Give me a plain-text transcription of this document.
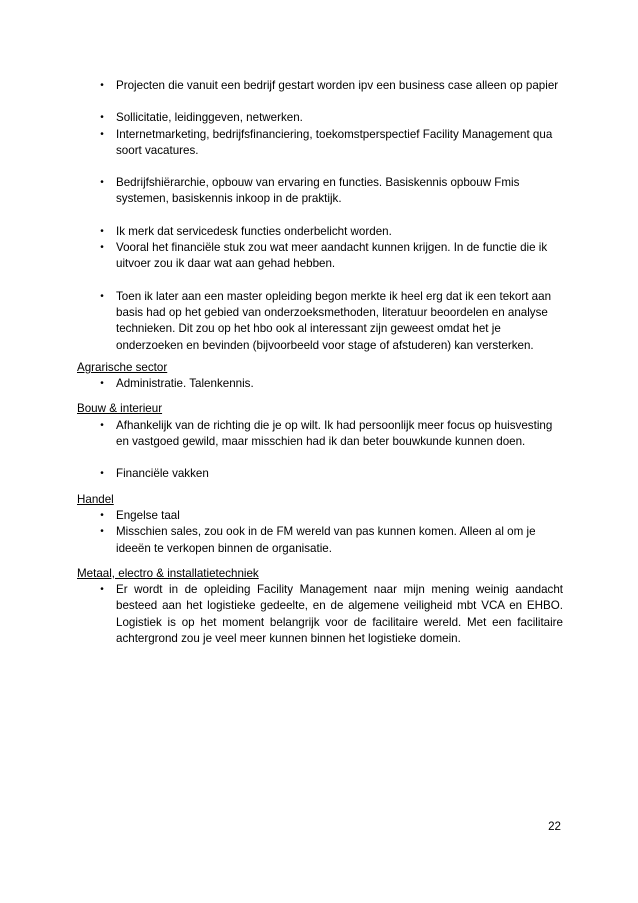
• Projecten die vanuit een bedrijf gestart worden ipv een business case alleen op papier
• Sollicitatie, leidinggeven, netwerken.
• Internetmarketing, bedrijfsfinanciering, toekomstperspectief Facility Management qua soort vacatures.
• Bedrijfshiërarchie, opbouw van ervaring en functies. Basiskennis opbouw Fmis systemen, basiskennis inkoop in de praktijk.
• Ik merk dat servicedesk functies onderbelicht worden.
• Vooral het financiële stuk zou wat meer aandacht kunnen krijgen. In de functie die ik uitvoer zou ik daar wat aan gehad hebben.
• Toen ik later aan een master opleiding begon merkte ik heel erg dat ik een tekort aan basis had op het gebied van onderzoeksmethoden, literatuur beoordelen en analyse technieken. Dit zou op het hbo ook al interessant zijn geweest omdat het je onderzoeken en bevinden (bijvoorbeeld voor stage of afstuderen) kan versterken.

Agrarische sector

• Administratie. Talenkennis.

Bouw & interieur

• Afhankelijk van de richting die je op wilt. Ik had persoonlijk meer focus op huisvesting en vastgoed gewild, maar misschien had ik dan beter bouwkunde kunnen doen.
• Financiële vakken

Handel

• Engelse taal
• Misschien sales, zou ook in de FM wereld van pas kunnen komen. Alleen al om je ideeën te verkopen binnen de organisatie.

Metaal, electro & installatietechniek

• Er wordt in de opleiding Facility Management naar mijn mening weinig aandacht besteed aan het logistieke gedeelte, en de algemene veiligheid mbt VCA en EHBO. Logistiek is op het moment belangrijk voor de facilitaire wereld. Met een facilitaire achtergrond zou je veel meer kunnen binnen het logistieke domein.
22
